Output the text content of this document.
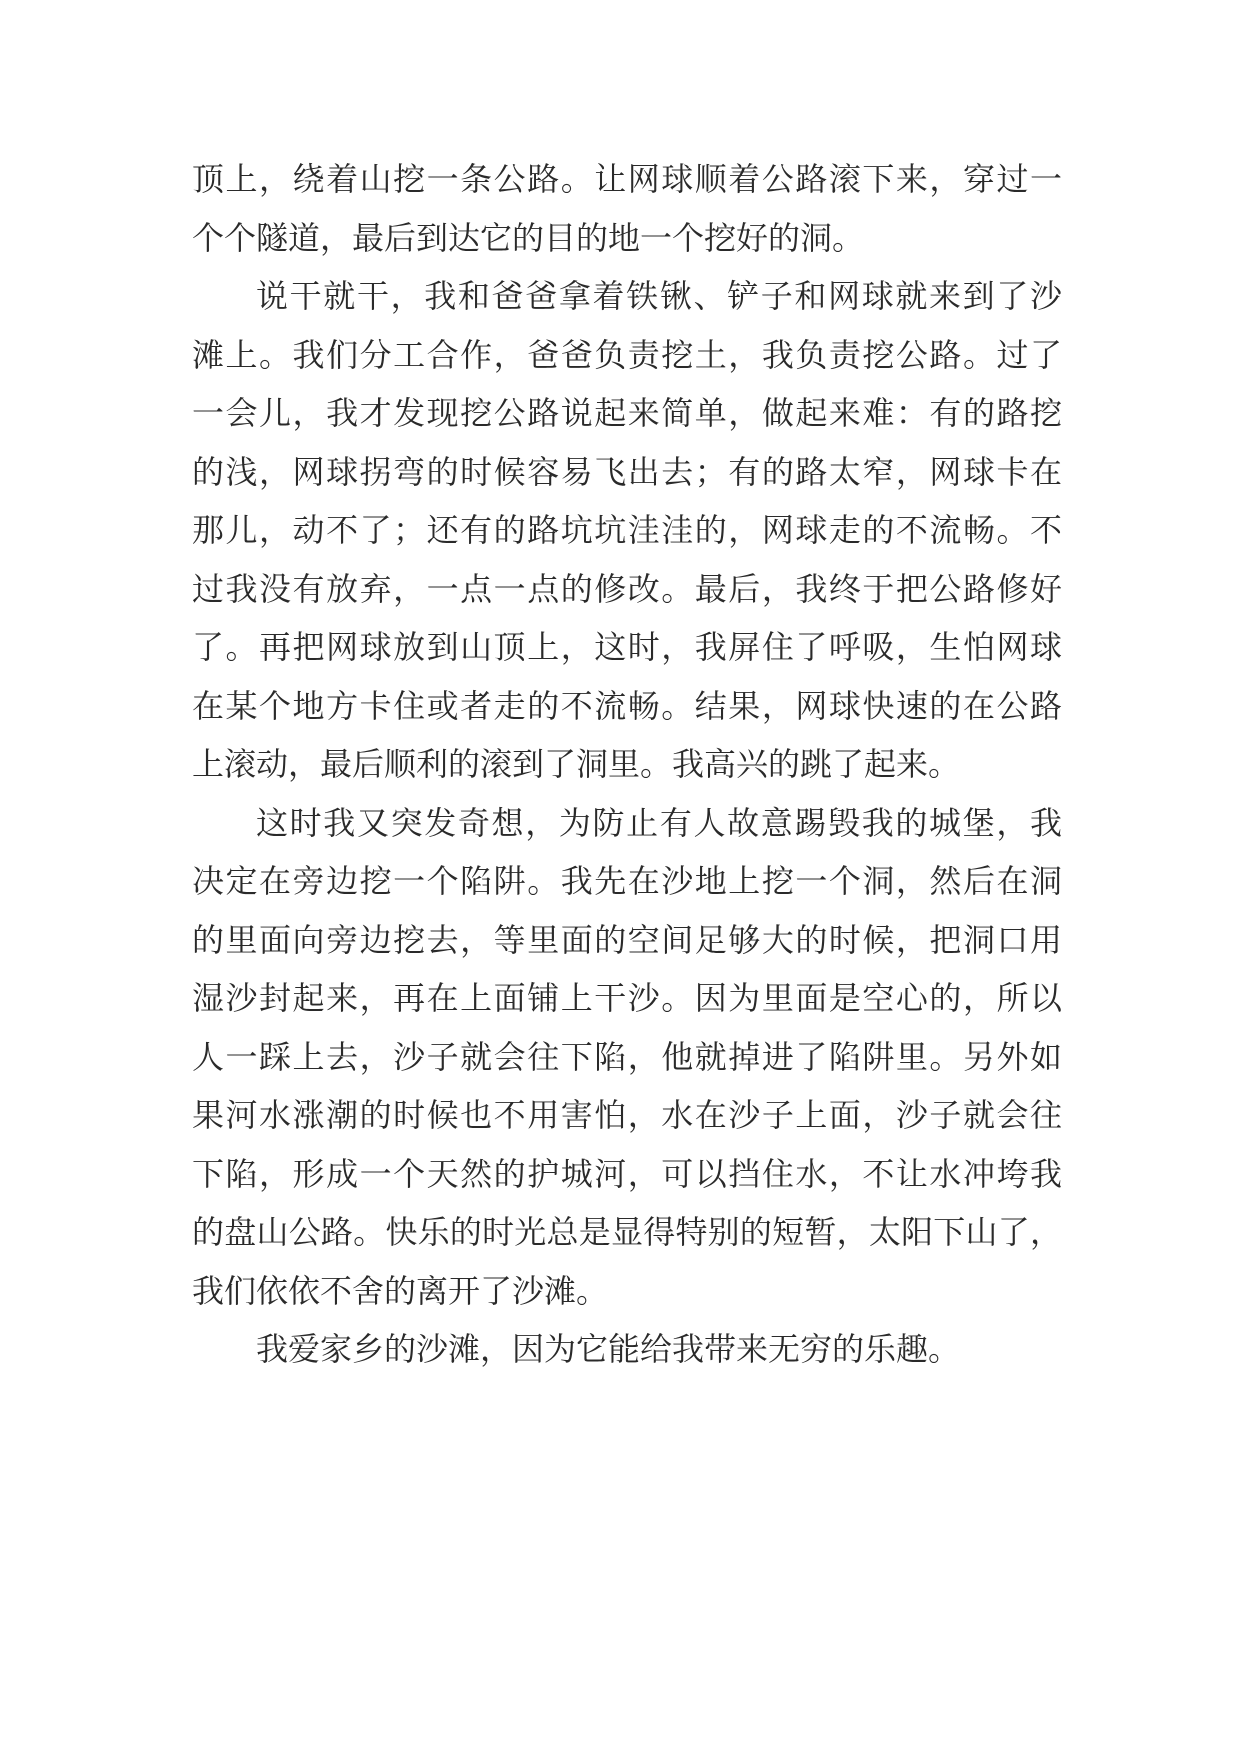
顶上，绕着山挖一条公路。让网球顺着公路滚下来，穿过一
个个隧道，最后到达它的目的地一个挖好的洞。
说干就干，我和爸爸拿着铁锹、铲子和网球就来到了沙
滩上。我们分工合作，爸爸负责挖土，我负责挖公路。过了
一会儿，我才发现挖公路说起来简单，做起来难：有的路挖
的浅，网球拐弯的时候容易飞出去；有的路太窄，网球卡在
那儿，动不了；还有的路坑坑洼洼的，网球走的不流畅。不
过我没有放弃，一点一点的修改。最后，我终于把公路修好
了。再把网球放到山顶上，这时，我屏住了呼吸，生怕网球
在某个地方卡住或者走的不流畅。结果，网球快速的在公路
上滚动，最后顺利的滚到了洞里。我高兴的跳了起来。
这时我又突发奇想，为防止有人故意踢毁我的城堡，我
决定在旁边挖一个陷阱。我先在沙地上挖一个洞，然后在洞
的里面向旁边挖去，等里面的空间足够大的时候，把洞口用
湿沙封起来，再在上面铺上干沙。因为里面是空心的，所以
人一踩上去，沙子就会往下陷，他就掉进了陷阱里。另外如
果河水涨潮的时候也不用害怕，水在沙子上面，沙子就会往
下陷，形成一个天然的护城河，可以挡住水，不让水冲垮我
的盘山公路。快乐的时光总是显得特别的短暂，太阳下山了，
我们依依不舍的离开了沙滩。
我爱家乡的沙滩，因为它能给我带来无穷的乐趣。
